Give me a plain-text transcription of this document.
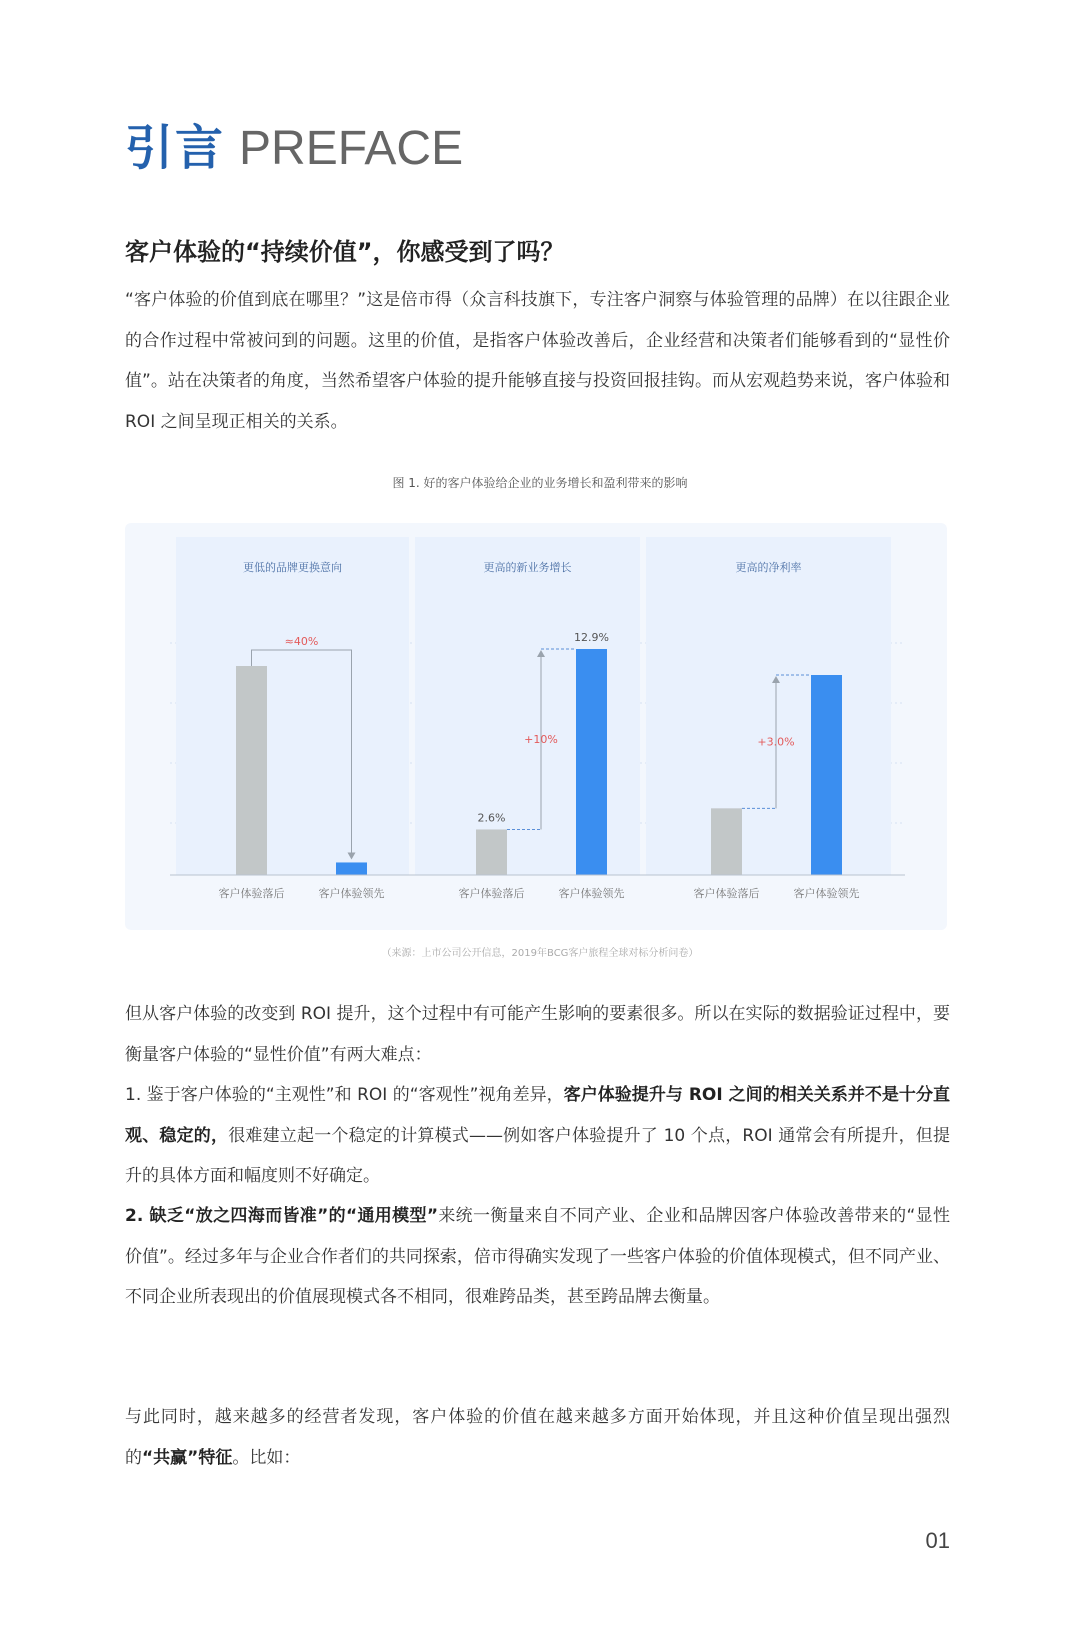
引言 PREFACE
客户体验的“持续价值”，你感受到了吗？
“客户体验的价值到底在哪里？”这是倍市得（众言科技旗下，专注客户洞察与体验管理的品牌）在以往跟企业的合作过程中常被问到的问题。这里的价值，是指客户体验改善后，企业经营和决策者们能够看到的“显性价值”。站在决策者的角度，当然希望客户体验的提升能够直接与投资回报挂钩。而从宏观趋势来说，客户体验和 ROI 之间呈现正相关的关系。
图 1. 好的客户体验给企业的业务增长和盈利带来的影响
更低的品牌更换意向
客户体验落后	客户体验领先
≈40%
更高的新业务增长
客户体验落后	客户体验领先
2.6%
12.9%
+10%
更高的净利率
客户体验落后	客户体验领先
+3.0%
（来源：上市公司公开信息，2019年BCG客户旅程全球对标分析问卷）
但从客户体验的改变到 ROI 提升，这个过程中有可能产生影响的要素很多。所以在实际的数据验证过程中，要衡量客户体验的“显性价值”有两大难点：
1. 鉴于客户体验的“主观性”和 ROI 的“客观性”视角差异，客户体验提升与 ROI 之间的相关关系并不是十分直观、稳定的，很难建立起一个稳定的计算模式——例如客户体验提升了 10 个点，ROI 通常会有所提升，但提升的具体方面和幅度则不好确定。
2. 缺乏“放之四海而皆准”的“通用模型”来统一衡量来自不同产业、企业和品牌因客户体验改善带来的“显性价值”。经过多年与企业合作者们的共同探索，倍市得确实发现了一些客户体验的价值体现模式，但不同产业、不同企业所表现出的价值展现模式各不相同，很难跨品类，甚至跨品牌去衡量。
与此同时，越来越多的经营者发现，客户体验的价值在越来越多方面开始体现，并且这种价值呈现出强烈的“共赢”特征。比如：
01
